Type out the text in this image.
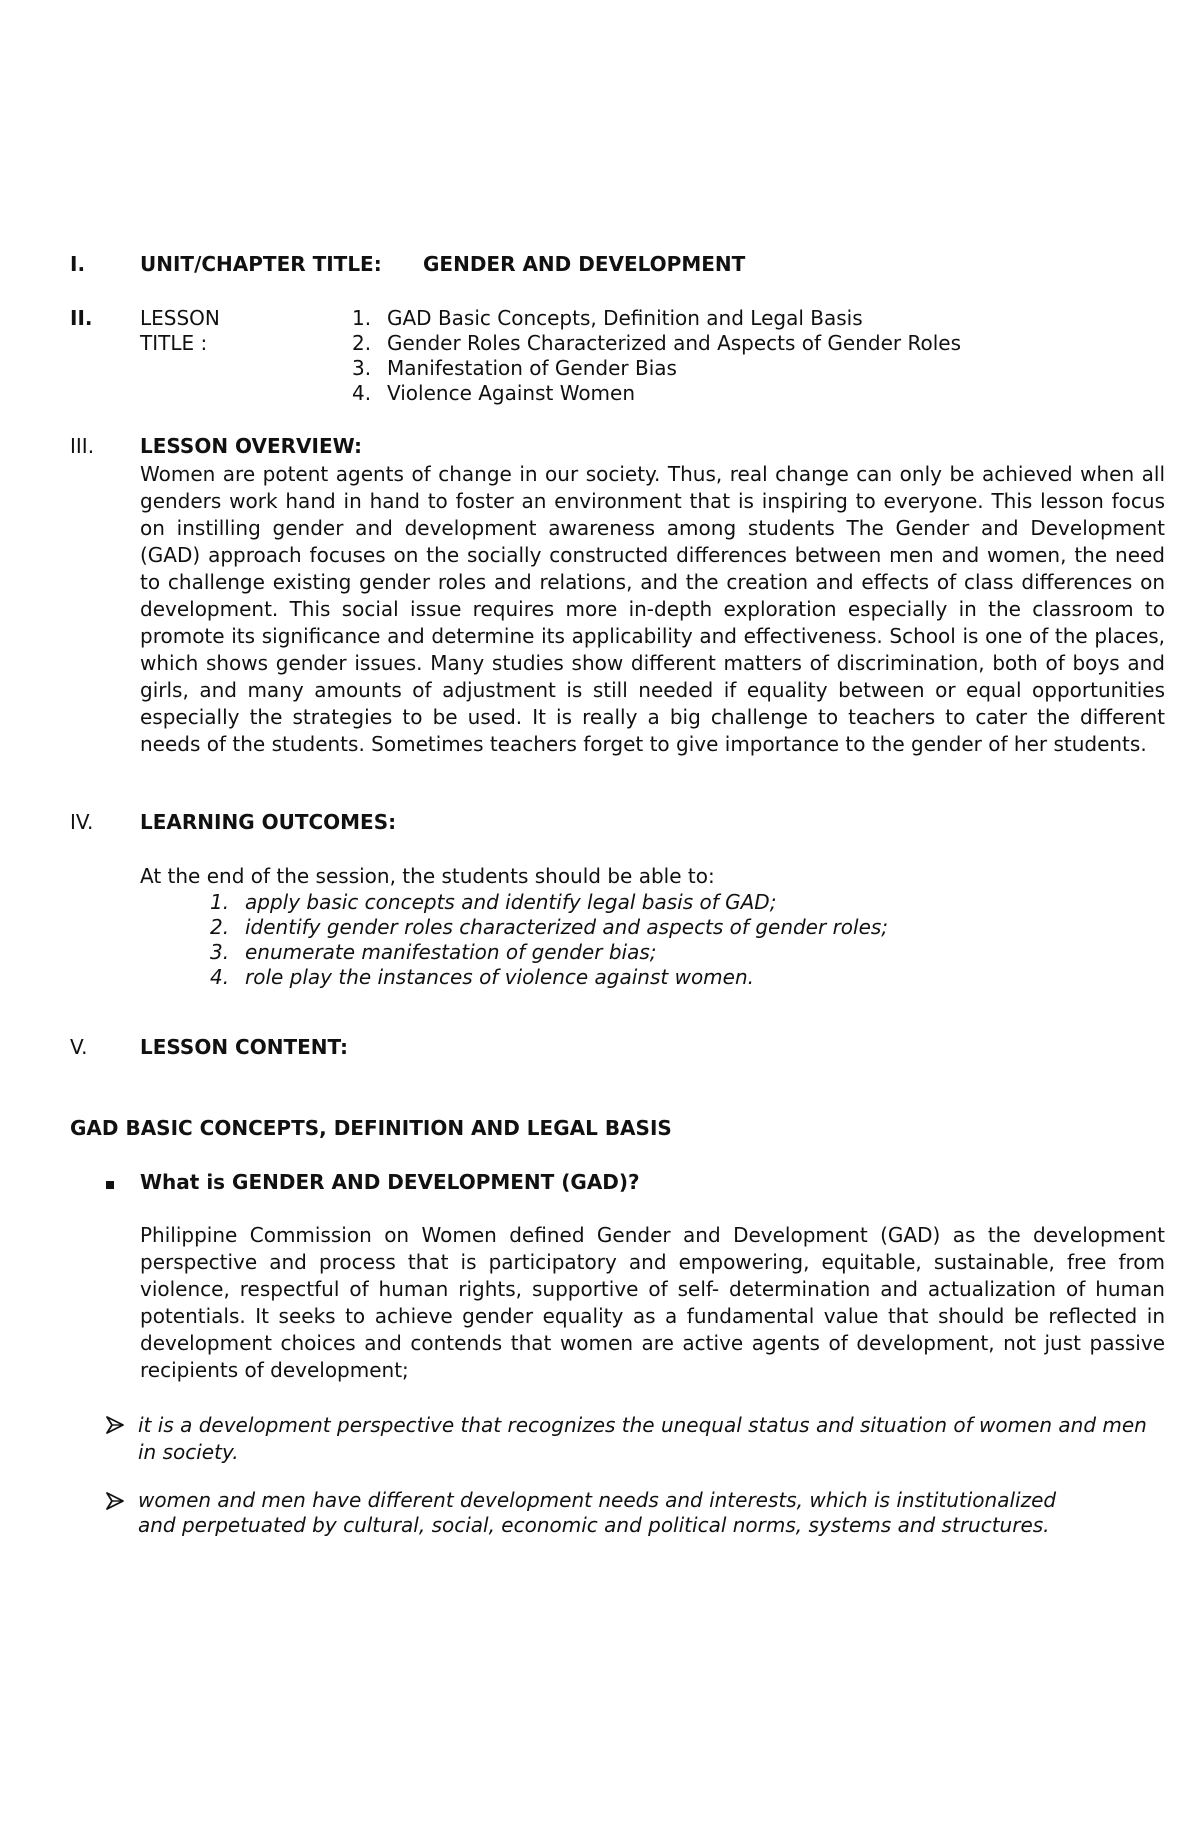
I.	UNIT/CHAPTER TITLE: GENDER AND DEVELOPMENT
II.	LESSON
TITLE :
1. GAD Basic Concepts, Definition and Legal Basis
2. Gender Roles Characterized and Aspects of Gender Roles
3. Manifestation of Gender Bias
4. Violence Against Women
III.	LESSON OVERVIEW:
Women are potent agents of change in our society. Thus, real change can only be achieved when all genders work hand in hand to foster an environment that is inspiring to everyone. This lesson focus on instilling gender and development awareness among students The Gender and Development (GAD) approach focuses on the socially constructed differences between men and women, the need to challenge existing gender roles and relations, and the creation and effects of class differences on development. This social issue requires more in-depth exploration especially in the classroom to promote its significance and determine its applicability and effectiveness. School is one of the places, which shows gender issues. Many studies show different matters of discrimination, both of boys and girls, and many amounts of adjustment is still needed if equality between or equal opportunities especially the strategies to be used. It is really a big challenge to teachers to cater the different needs of the students. Sometimes teachers forget to give importance to the gender of her students.
IV.	LEARNING OUTCOMES:
At the end of the session, the students should be able to:
1. apply basic concepts and identify legal basis of GAD;
2. identify gender roles characterized and aspects of gender roles;
3. enumerate manifestation of gender bias;
4. role play the instances of violence against women.
V.	LESSON CONTENT:
GAD BASIC CONCEPTS, DEFINITION AND LEGAL BASIS
What is GENDER AND DEVELOPMENT (GAD)?
Philippine Commission on Women defined Gender and Development (GAD) as the development perspective and process that is participatory and empowering, equitable, sustainable, free from violence, respectful of human rights, supportive of self- determination and actualization of human potentials. It seeks to achieve gender equality as a fundamental value that should be reflected in development choices and contends that women are active agents of development, not just passive recipients of development;
it is a development perspective that recognizes the unequal status and situation of women and men in society.
women and men have different development needs and interests, which is institutionalized and perpetuated by cultural, social, economic and political norms, systems and structures.
